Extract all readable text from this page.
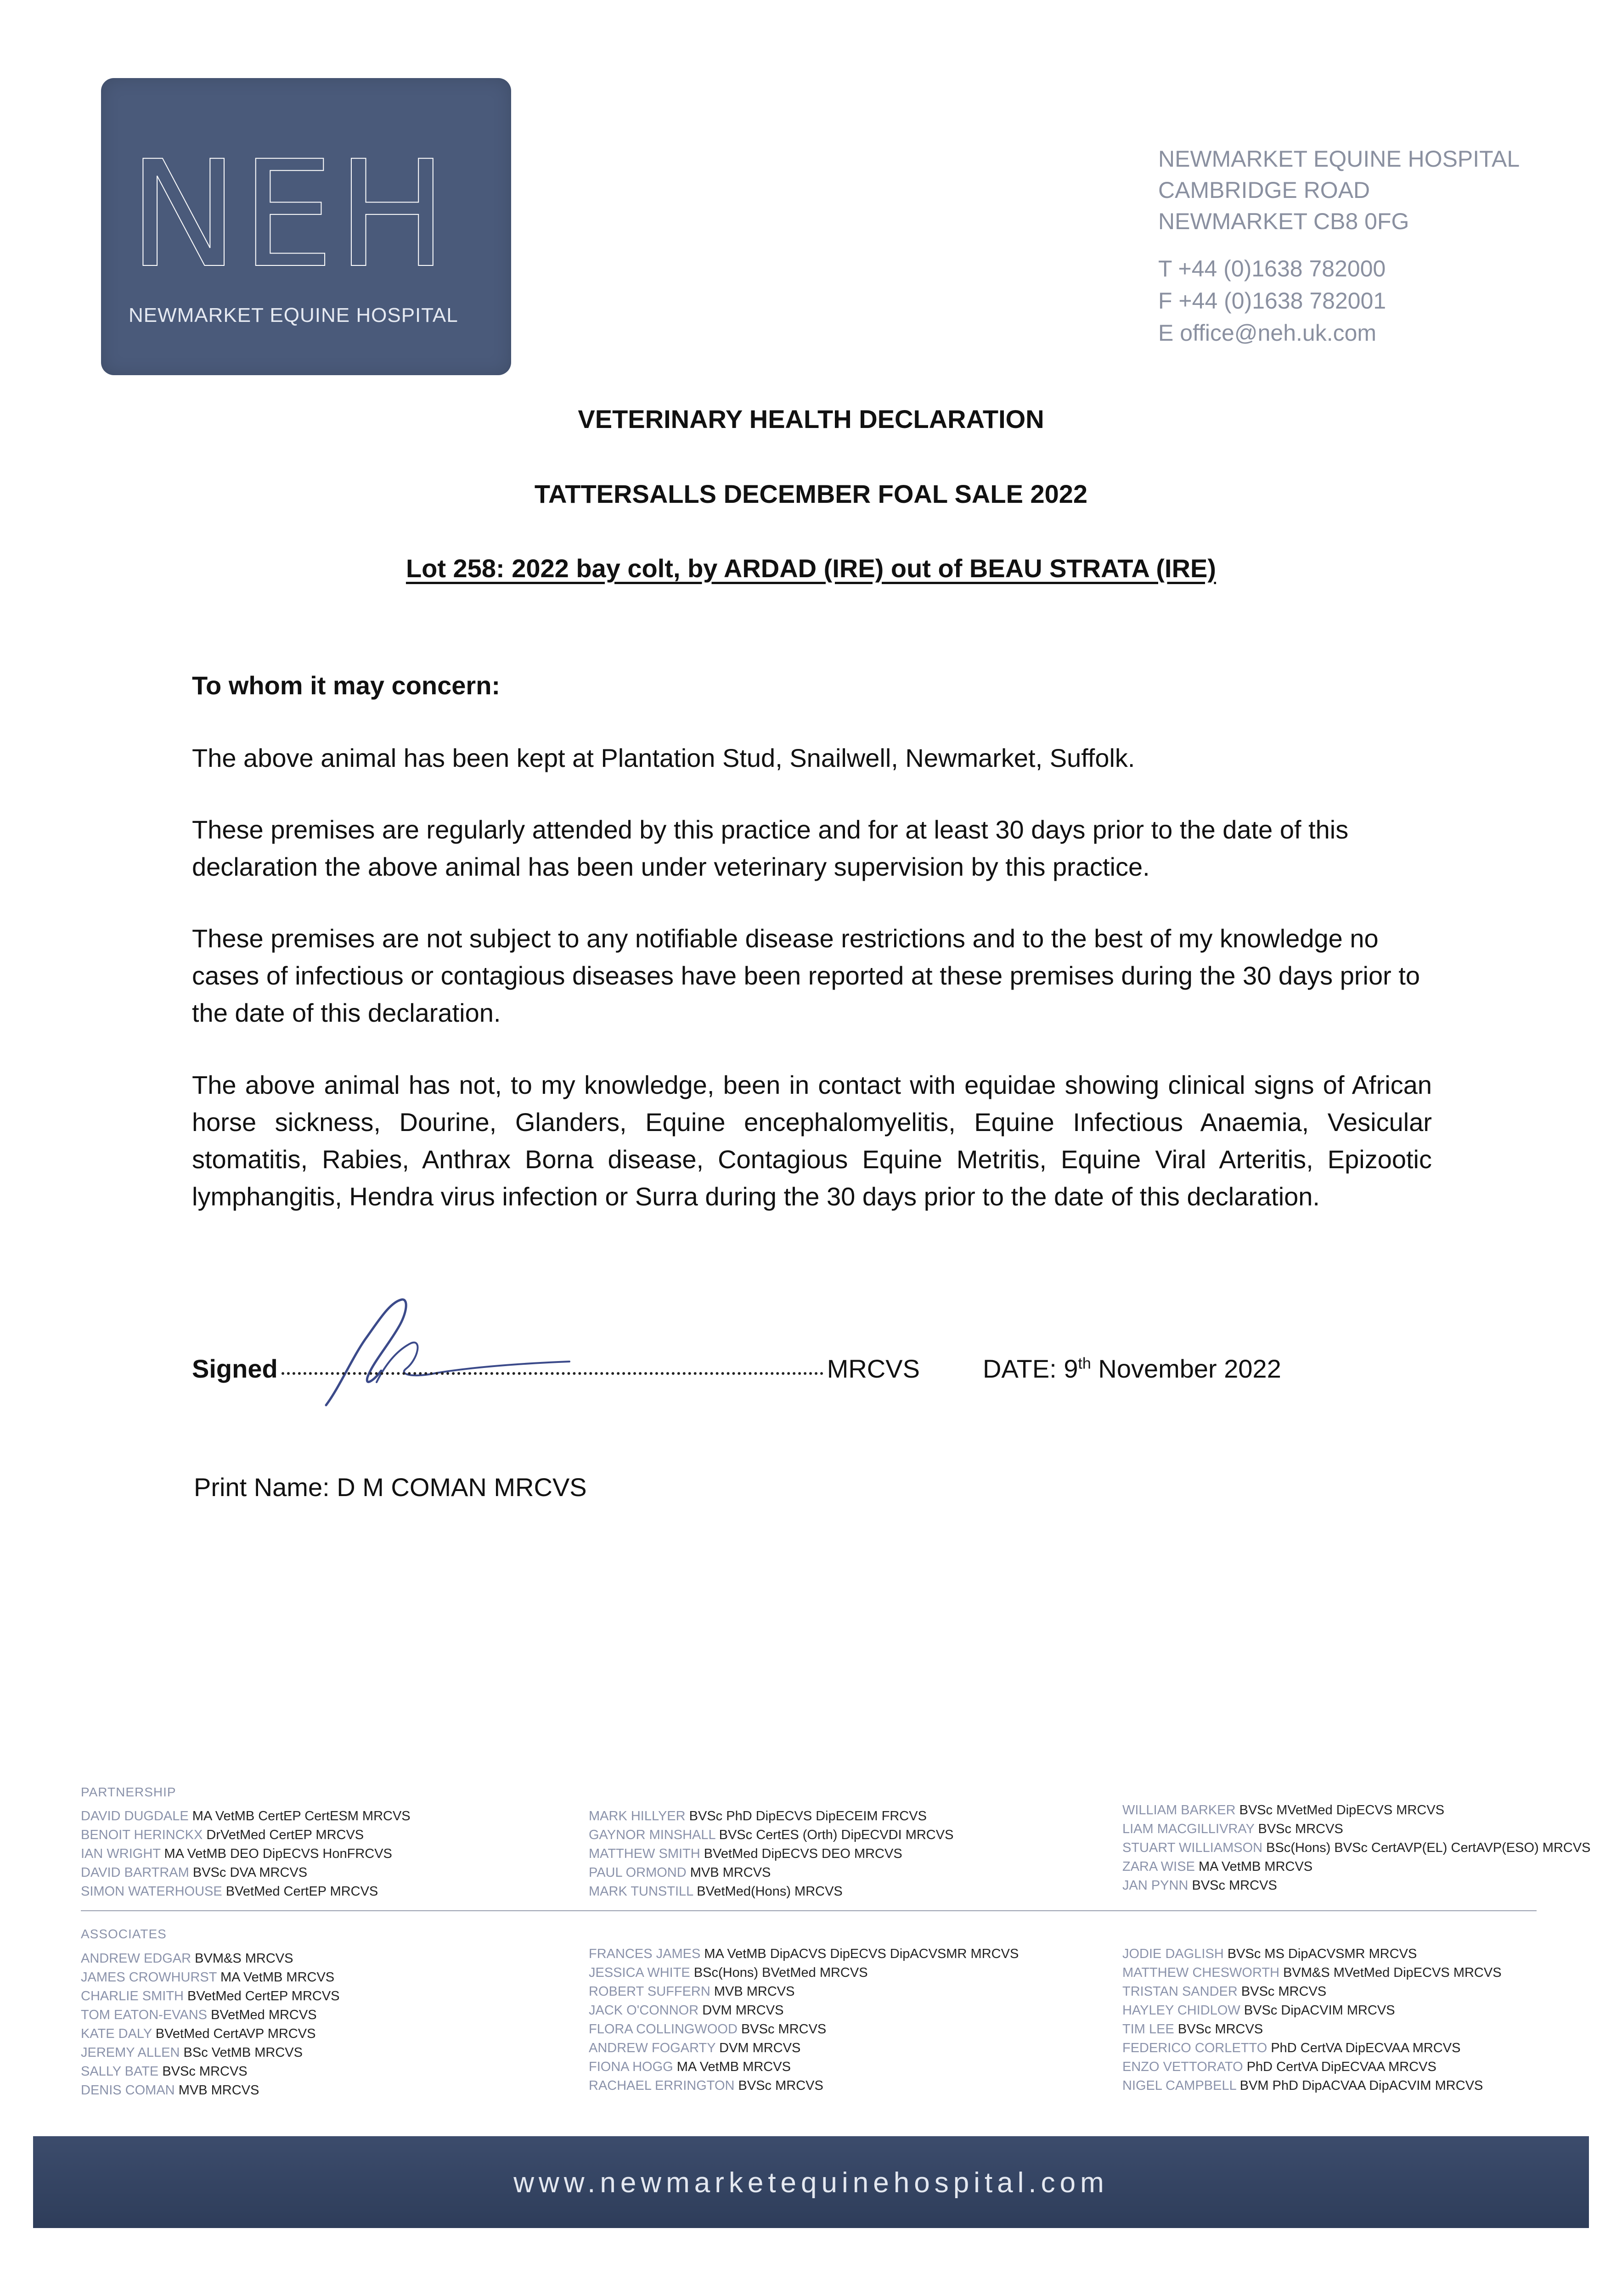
NEH
NEWMARKET EQUINE HOSPITAL
NEWMARKET EQUINE HOSPITAL
CAMBRIDGE ROAD
NEWMARKET CB8 0FG
T +44 (0)1638 782000
F +44 (0)1638 782001
E office@neh.uk.com
VETERINARY HEALTH DECLARATION
TATTERSALLS DECEMBER FOAL SALE 2022
Lot 258: 2022 bay colt, by ARDAD (IRE) out of BEAU STRATA (IRE)
To whom it may concern:
The above animal has been kept at Plantation Stud, Snailwell, Newmarket, Suffolk.
These premises are regularly attended by this practice and for at least 30 days prior to the date of this declaration the above animal has been under veterinary supervision by this practice.
These premises are not subject to any notifiable disease restrictions and to the best of my knowledge no cases of infectious or contagious diseases have been reported at these premises during the 30 days prior to the date of this declaration.
The above animal has not, to my knowledge, been in contact with equidae showing clinical signs of African horse sickness, Dourine, Glanders, Equine encephalomyelitis, Equine Infectious Anaemia, Vesicular stomatitis, Rabies, Anthrax Borna disease, Contagious Equine Metritis, Equine Viral Arteritis, Epizootic lymphangitis, Hendra virus infection or Surra during the 30 days prior to the date of this declaration.
Signed	MRCVS DATE: 9th November 2022
Print Name: D M COMAN MRCVS
PARTNERSHIP
DAVID DUGDALE MA VetMB CertEP CertESM MRCVS
BENOIT HERINCKX DrVetMed CertEP MRCVS
IAN WRIGHT MA VetMB DEO DipECVS HonFRCVS
DAVID BARTRAM BVSc DVA MRCVS
SIMON WATERHOUSE BVetMed CertEP MRCVS
MARK HILLYER BVSc PhD DipECVS DipECEIM FRCVS
GAYNOR MINSHALL BVSc CertES (Orth) DipECVDI MRCVS
MATTHEW SMITH BVetMed DipECVS DEO MRCVS
PAUL ORMOND MVB MRCVS
MARK TUNSTILL BVetMed(Hons) MRCVS
WILLIAM BARKER BVSc MVetMed DipECVS MRCVS
LIAM MACGILLIVRAY BVSc MRCVS
STUART WILLIAMSON BSc(Hons) BVSc CertAVP(EL) CertAVP(ESO) MRCVS
ZARA WISE MA VetMB MRCVS
JAN PYNN BVSc MRCVS
ASSOCIATES
ANDREW EDGAR BVM&S MRCVS
JAMES CROWHURST MA VetMB MRCVS
CHARLIE SMITH BVetMed CertEP MRCVS
TOM EATON-EVANS BVetMed MRCVS
KATE DALY BVetMed CertAVP MRCVS
JEREMY ALLEN BSc VetMB MRCVS
SALLY BATE BVSc MRCVS
DENIS COMAN MVB MRCVS
FRANCES JAMES MA VetMB DipACVS DipECVS DipACVSMR MRCVS
JESSICA WHITE BSc(Hons) BVetMed MRCVS
ROBERT SUFFERN MVB MRCVS
JACK O'CONNOR DVM MRCVS
FLORA COLLINGWOOD BVSc MRCVS
ANDREW FOGARTY DVM MRCVS
FIONA HOGG MA VetMB MRCVS
RACHAEL ERRINGTON BVSc MRCVS
JODIE DAGLISH BVSc MS DipACVSMR MRCVS
MATTHEW CHESWORTH BVM&S MVetMed DipECVS MRCVS
TRISTAN SANDER BVSc MRCVS
HAYLEY CHIDLOW BVSc DipACVIM MRCVS
TIM LEE BVSc MRCVS
FEDERICO CORLETTO PhD CertVA DipECVAA MRCVS
ENZO VETTORATO PhD CertVA DipECVAA MRCVS
NIGEL CAMPBELL BVM PhD DipACVAA DipACVIM MRCVS
www.newmarketequinehospital.com
